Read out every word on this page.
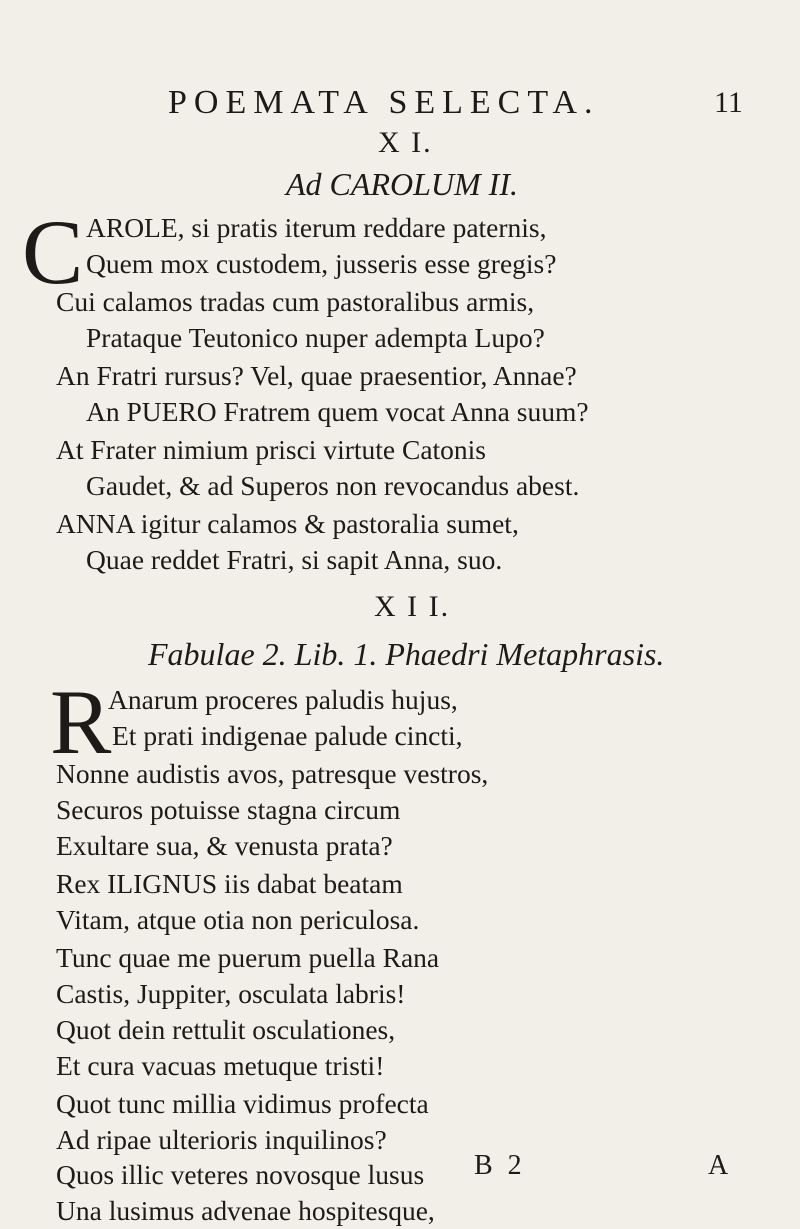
POEMATA SELECTA.	11
X I.
Ad CAROLUM II.
C AROLE, si pratis iterum reddare paternis,
Quem mox custodem, jusseris esse gregis?
Cui calamos tradas cum pastoralibus armis,
Prataque Teutonico nuper adempta Lupo?
An Fratri rursus? Vel, quae praesentior, Annae?
An PUERO Fratrem quem vocat Anna suum?
At Frater nimium prisci virtute Catonis
Gaudet, & ad Superos non revocandus abest.
ANNA igitur calamos & pastoralia sumet,
Quae reddet Fratri, si sapit Anna, suo.
X I I.
Fabulae 2. Lib. 1. Phaedri Metaphrasis.
R
Anarum proceres paludis hujus,
Et prati indigenae palude cincti,
Nonne audistis avos, patresque vestros,
Securos potuisse stagna circum
Exultare sua, & venusta prata?
Rex ILIGNUS iis dabat beatam
Vitam, atque otia non periculosa.
Tunc quae me puerum puella Rana
Castis, Juppiter, osculata labris!
Quot dein rettulit osculationes,
Et cura vacuas metuque tristi!
Quot tunc millia vidimus profecta
Ad ripae ulterioris inquilinos?
Quos illic veteres novosque lusus
Una lusimus advenae hospitesque,
B 2	A
